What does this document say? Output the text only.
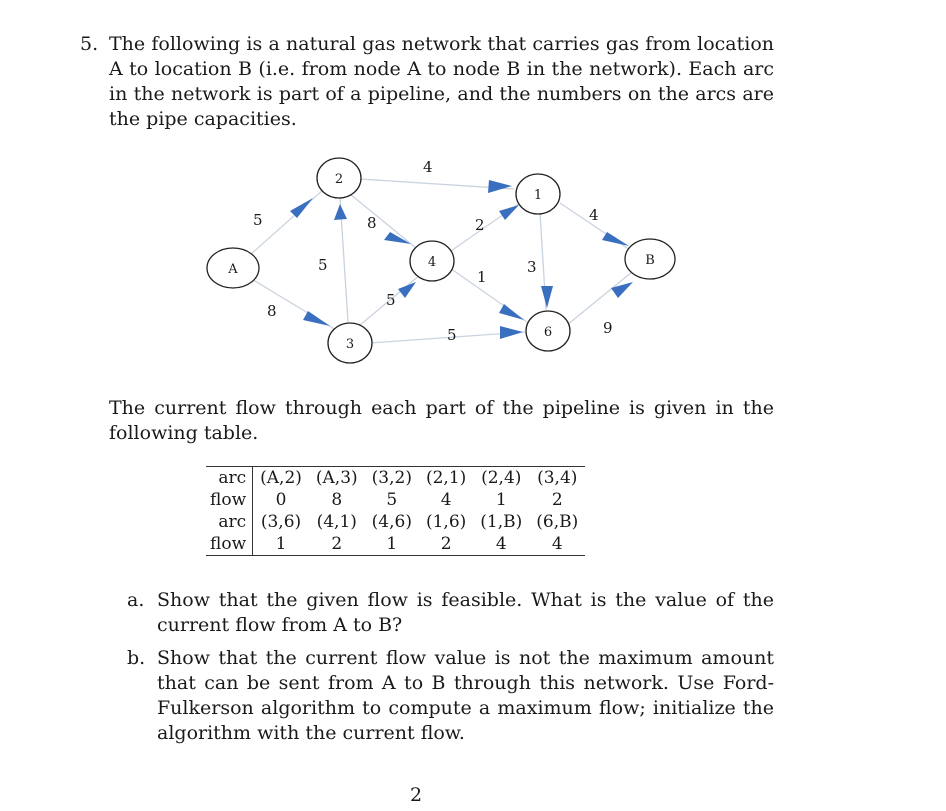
5. The following is a natural gas network that carries gas from location A to location B (i.e. from node A to node B in the network). Each arc in the network is part of a pipeline, and the numbers on the arcs are the pipe capacities.

5
8
5
4
8
5
5
2
1
3
4
9
A
2
3
4
1
6
B

The current flow through each part of the pipeline is given in the following table.

arc	(A,2)	(A,3)	(3,2)	(2,1)	(2,4)	(3,4)
flow	0	8	5	4	1	2
arc	(3,6)	(4,1)	(4,6)	(1,6)	(1,B)	(6,B)
flow	1	2	1	2	4	4
a. Show that the given flow is feasible. What is the value of the current flow from A to B?

b. Show that the current flow value is not the maximum amount that can be sent from A to B through this network. Use Ford-Fulkerson algorithm to compute a maximum flow; initialize the algorithm with the current flow.

2
